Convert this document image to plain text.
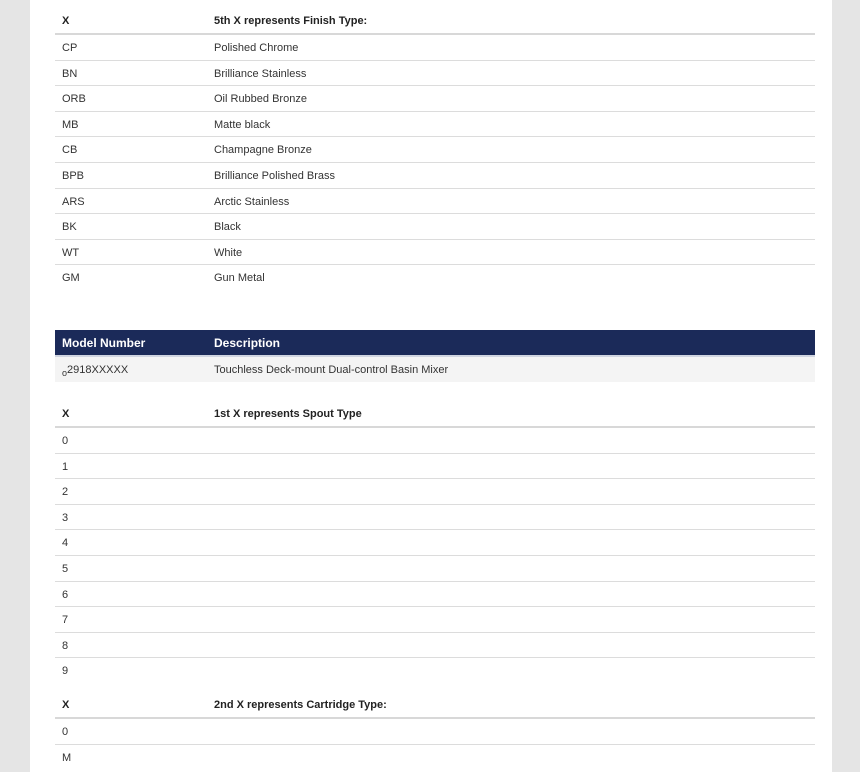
X	5th X represents Finish Type:
CP	Polished Chrome
BN	Brilliance Stainless
ORB	Oil Rubbed Bronze
MB	Matte black
CB	Champagne Bronze
BPB	Brilliance Polished Brass
ARS	Arctic Stainless
BK	Black
WT	White
GM	Gun Metal
Model Number	Description
$_o$2918XXXXX	Touchless Deck-mount Dual-control Basin Mixer
X	1st X represents Spout Type
0
1
2
3
4
5
6
7
8
9
X	2nd X represents Cartridge Type:
0
M
